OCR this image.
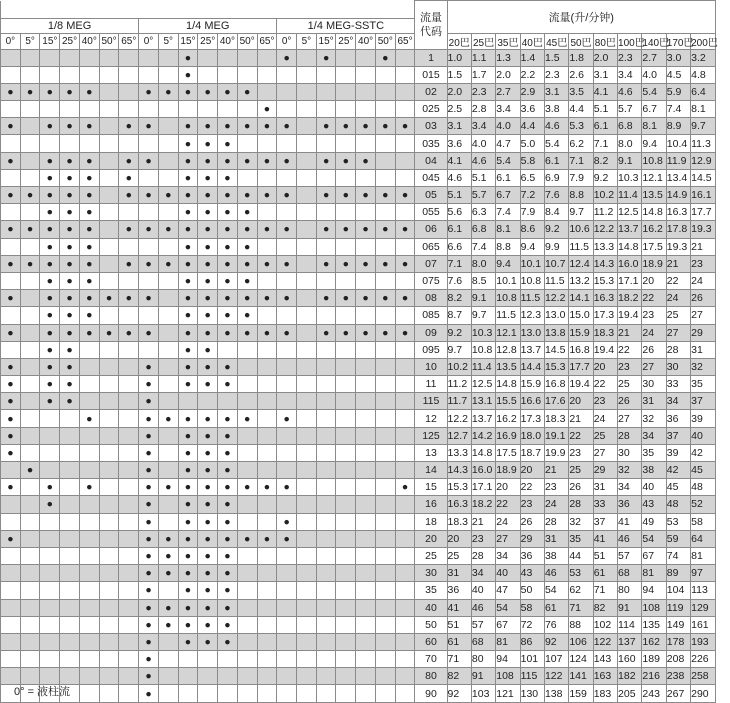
																					流量
代码	流量(升/分钟)										
1/8 MEG							1/4 MEG							1/4 MEG-SSTC																		
0°	5°	15°	25°	40°	50°	65°	0°	5°	15°	25°	40°	50°	65°	0°	5°	15°	25°	40°	50°	65°		20巴	25巴	35巴	40巴	45巴	50巴	80巴	100巴	140巴	170巴	200巴
									●					●		●			●		1	1.0	1.1	1.3	1.4	1.5	1.8	2.0	2.3	2.7	3.0	3.2
									●												015	1.5	1.7	2.0	2.2	2.3	2.6	3.1	3.4	4.0	4.5	4.8
●	●	●	●	●			●	●	●	●	●	●									02	2.0	2.3	2.7	2.9	3.1	3.5	4.1	4.6	5.4	5.9	6.4
													●								025	2.5	2.8	3.4	3.6	3.8	4.4	5.1	5.7	6.7	7.4	8.1
●		●	●	●		●	●		●	●	●	●	●	●		●	●	●	●	●	03	3.1	3.4	4.0	4.4	4.6	5.3	6.1	6.8	8.1	8.9	9.7
									●	●	●										035	3.6	4.0	4.7	5.0	5.4	6.2	7.1	8.0	9.4	10.4	11.3
●		●	●	●		●	●		●	●	●	●	●	●		●	●	●			04	4.1	4.6	5.4	5.8	6.1	7.1	8.2	9.1	10.8	11.9	12.9
		●	●	●		●			●	●	●										045	4.6	5.1	6.1	6.5	6.9	7.9	9.2	10.3	12.1	13.4	14.5
●	●	●	●	●		●	●	●	●	●	●	●	●	●		●	●	●	●	●	05	5.1	5.7	6.7	7.2	7.6	8.8	10.2	11.4	13.5	14.9	16.1
		●	●	●					●	●	●	●									055	5.6	6.3	7.4	7.9	8.4	9.7	11.2	12.5	14.8	16.3	17.7
●	●	●	●	●		●	●	●	●	●	●	●	●	●		●	●	●	●	●	06	6.1	6.8	8.1	8.6	9.2	10.6	12.2	13.7	16.2	17.8	19.3
		●	●	●					●	●	●	●									065	6.6	7.4	8.8	9.4	9.9	11.5	13.3	14.8	17.5	19.3	21
●	●	●	●	●		●	●	●	●	●	●	●	●	●		●	●	●	●	●	07	7.1	8.0	9.4	10.1	10.7	12.4	14.3	16.0	18.9	21	23
		●	●	●					●	●	●	●									075	7.6	8.5	10.1	10.8	11.5	13.2	15.3	17.1	20	22	24
●		●	●	●	●	●	●		●	●	●	●	●	●		●	●	●	●	●	08	8.2	9.1	10.8	11.5	12.2	14.1	16.3	18.2	22	24	26
		●	●	●					●	●	●	●									085	8.7	9.7	11.5	12.3	13.0	15.0	17.3	19.4	23	25	27
●		●	●	●	●	●	●		●	●	●	●	●	●		●	●	●	●	●	09	9.2	10.3	12.1	13.0	13.8	15.9	18.3	21	24	27	29
		●	●						●	●											095	9.7	10.8	12.8	13.7	14.5	16.8	19.4	22	26	28	31
●		●	●				●		●	●	●										10	10.2	11.4	13.5	14.4	15.3	17.7	20	23	27	30	32
●		●	●				●		●	●	●										11	11.2	12.5	14.8	15.9	16.8	19.4	22	25	30	33	35
●		●	●				●														115	11.7	13.1	15.5	16.6	17.6	20	23	26	31	34	37
●				●			●	●	●	●	●	●		●							12	12.2	13.7	16.2	17.3	18.3	21	24	27	32	36	39
●							●		●	●	●										125	12.7	14.2	16.9	18.0	19.1	22	25	28	34	37	40
●							●		●	●	●										13	13.3	14.8	17.5	18.7	19.9	23	27	30	35	39	42
	●						●		●	●	●										14	14.3	16.0	18.9	20	21	25	29	32	38	42	45
●		●		●			●	●	●	●	●	●	●	●						●	15	15.3	17.1	20	22	23	26	31	34	40	45	48
		●					●		●	●	●										16	16.3	18.2	22	23	24	28	33	36	43	48	52
							●		●	●	●			●							18	18.3	21	24	26	28	32	37	41	49	53	58
●							●	●	●	●	●	●	●	●							20	20	23	27	29	31	35	41	46	54	59	64
							●	●	●	●	●										25	25	28	34	36	38	44	51	57	67	74	81
							●	●	●	●	●										30	31	34	40	43	46	53	61	68	81	89	97
							●		●	●	●										35	36	40	47	50	54	62	71	80	94	104	113
							●	●	●	●	●										40	41	46	54	58	61	71	82	91	108	119	129
							●	●	●	●	●										50	51	57	67	72	76	88	102	114	135	149	161
							●		●	●	●										60	61	68	81	86	92	106	122	137	162	178	193
							●														70	71	80	94	101	107	124	143	160	189	208	226
							●														80	82	91	108	115	122	141	163	182	216	238	258
							●														90	92	103	121	130	138	159	183	205	243	267	290
0° = 液柱流
